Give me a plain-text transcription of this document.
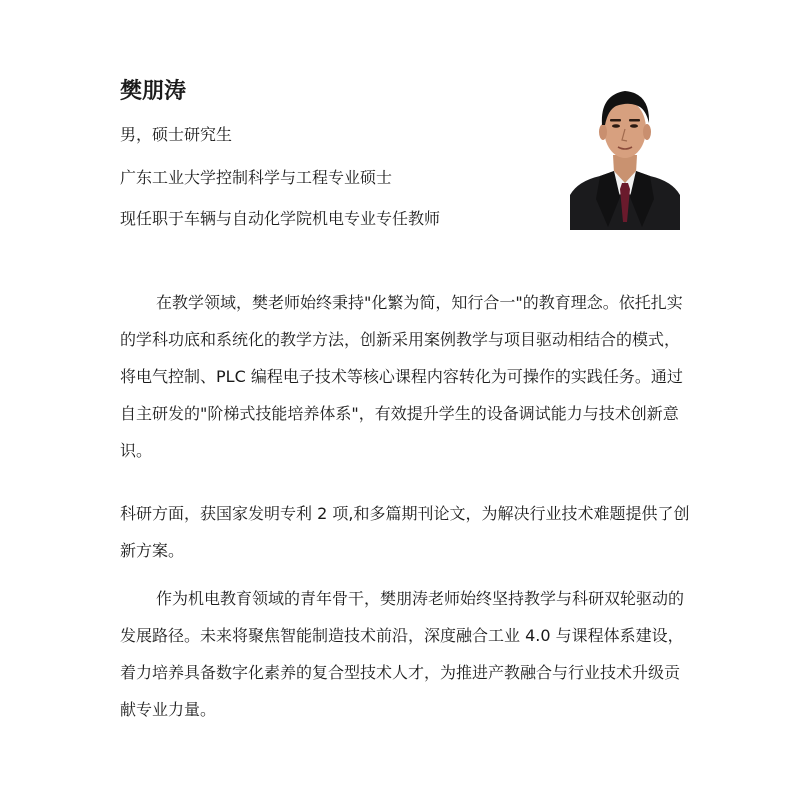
樊朋涛

男，硕士研究生

广东工业大学控制科学与工程专业硕士

现任职于车辆与自动化学院机电专业专任教师

在教学领域，樊老师始终秉持"化繁为简，知行合一"的教育理念。依托扎实的学科功底和系统化的教学方法，创新采用案例教学与项目驱动相结合的模式，将电气控制、PLC 编程电子技术等核心课程内容转化为可操作的实践任务。通过自主研发的"阶梯式技能培养体系"，有效提升学生的设备调试能力与技术创新意识。

科研方面，获国家发明专利 2 项,和多篇期刊论文，为解决行业技术难题提供了创新方案。

作为机电教育领域的青年骨干，樊朋涛老师始终坚持教学与科研双轮驱动的发展路径。未来将聚焦智能制造技术前沿，深度融合工业 4.0 与课程体系建设，着力培养具备数字化素养的复合型技术人才，为推进产教融合与行业技术升级贡献专业力量。
